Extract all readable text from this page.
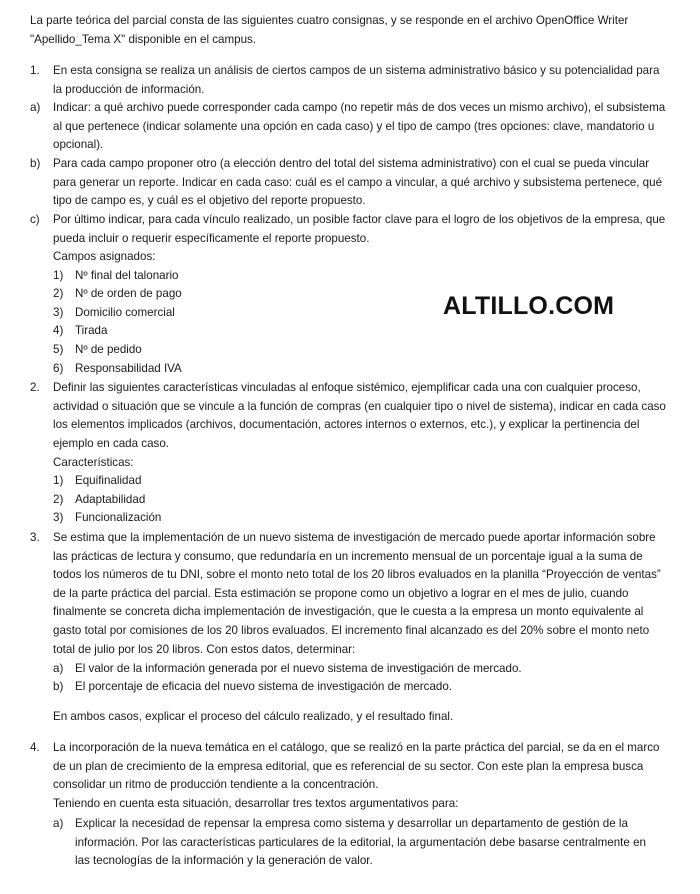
La parte teórica del parcial consta de las siguientes cuatro consignas, y se responde en el archivo OpenOffice Writer "Apellido_Tema X" disponible en el campus.

1.	En esta consigna se realiza un análisis de ciertos campos de un sistema administrativo básico y su potencialidad para la producción de información.

a)	Indicar: a qué archivo puede corresponder cada campo (no repetir más de dos veces un mismo archivo), el subsistema al que pertenece (indicar solamente una opción en cada caso) y el tipo de campo (tres opciones: clave, mandatorio u opcional).

b)	Para cada campo proponer otro (a elección dentro del total del sistema administrativo) con el cual se pueda vincular para generar un reporte. Indicar en cada caso: cuál es el campo a vincular, a qué archivo y subsistema pertenece, qué tipo de campo es, y cuál es el objetivo del reporte propuesto.

c)	Por último indicar, para cada vínculo realizado, un posible factor clave para el logro de los objetivos de la empresa, que pueda incluir o requerir específicamente el reporte propuesto.

Campos asignados:

1)	Nº final del talonario
2)	Nº de orden de pago
3)	Domicilio comercial
4)	Tirada
5)	Nº de pedido
6)	Responsabilidad IVA
ALTILLO.COM
2.	Definir las siguientes características vinculadas al enfoque sistémico, ejemplificar cada una con cualquier proceso, actividad o situación que se vincule a la función de compras (en cualquier tipo o nivel de sistema), indicar en cada caso los elementos implicados (archivos, documentación, actores internos o externos, etc.), y explicar la pertinencia del ejemplo en cada caso.

Características:

1)	Equifinalidad
2)	Adaptabilidad
3)	Funcionalización
3.	Se estima que la implementación de un nuevo sistema de investigación de mercado puede aportar información sobre las prácticas de lectura y consumo, que redundaría en un incremento mensual de un porcentaje igual a la suma de todos los números de tu DNI, sobre el monto neto total de los 20 libros evaluados en la planilla “Proyección de ventas” de la parte práctica del parcial. Esta estimación se propone como un objetivo a lograr en el mes de julio, cuando finalmente se concreta dicha implementación de investigación, que le cuesta a la empresa un monto equivalente al gasto total por comisiones de los 20 libros evaluados. El incremento final alcanzado es del 20% sobre el monto neto total de julio por los 20 libros. Con estos datos, determinar:

a)	El valor de la información generada por el nuevo sistema de investigación de mercado.
b)	El porcentaje de eficacia del nuevo sistema de investigación de mercado.

En ambos casos, explicar el proceso del cálculo realizado, y el resultado final.

4.	La incorporación de la nueva temática en el catálogo, que se realizó en la parte práctica del parcial, se da en el marco de un plan de crecimiento de la empresa editorial, que es referencial de su sector. Con este plan la empresa busca consolidar un ritmo de producción tendiente a la concentración.

Teniendo en cuenta esta situación, desarrollar tres textos argumentativos para:

a)	Explicar la necesidad de repensar la empresa como sistema y desarrollar un departamento de gestión de la información. Por las características particulares de la editorial, la argumentación debe basarse centralmente en las tecnologías de la información y la generación de valor.
